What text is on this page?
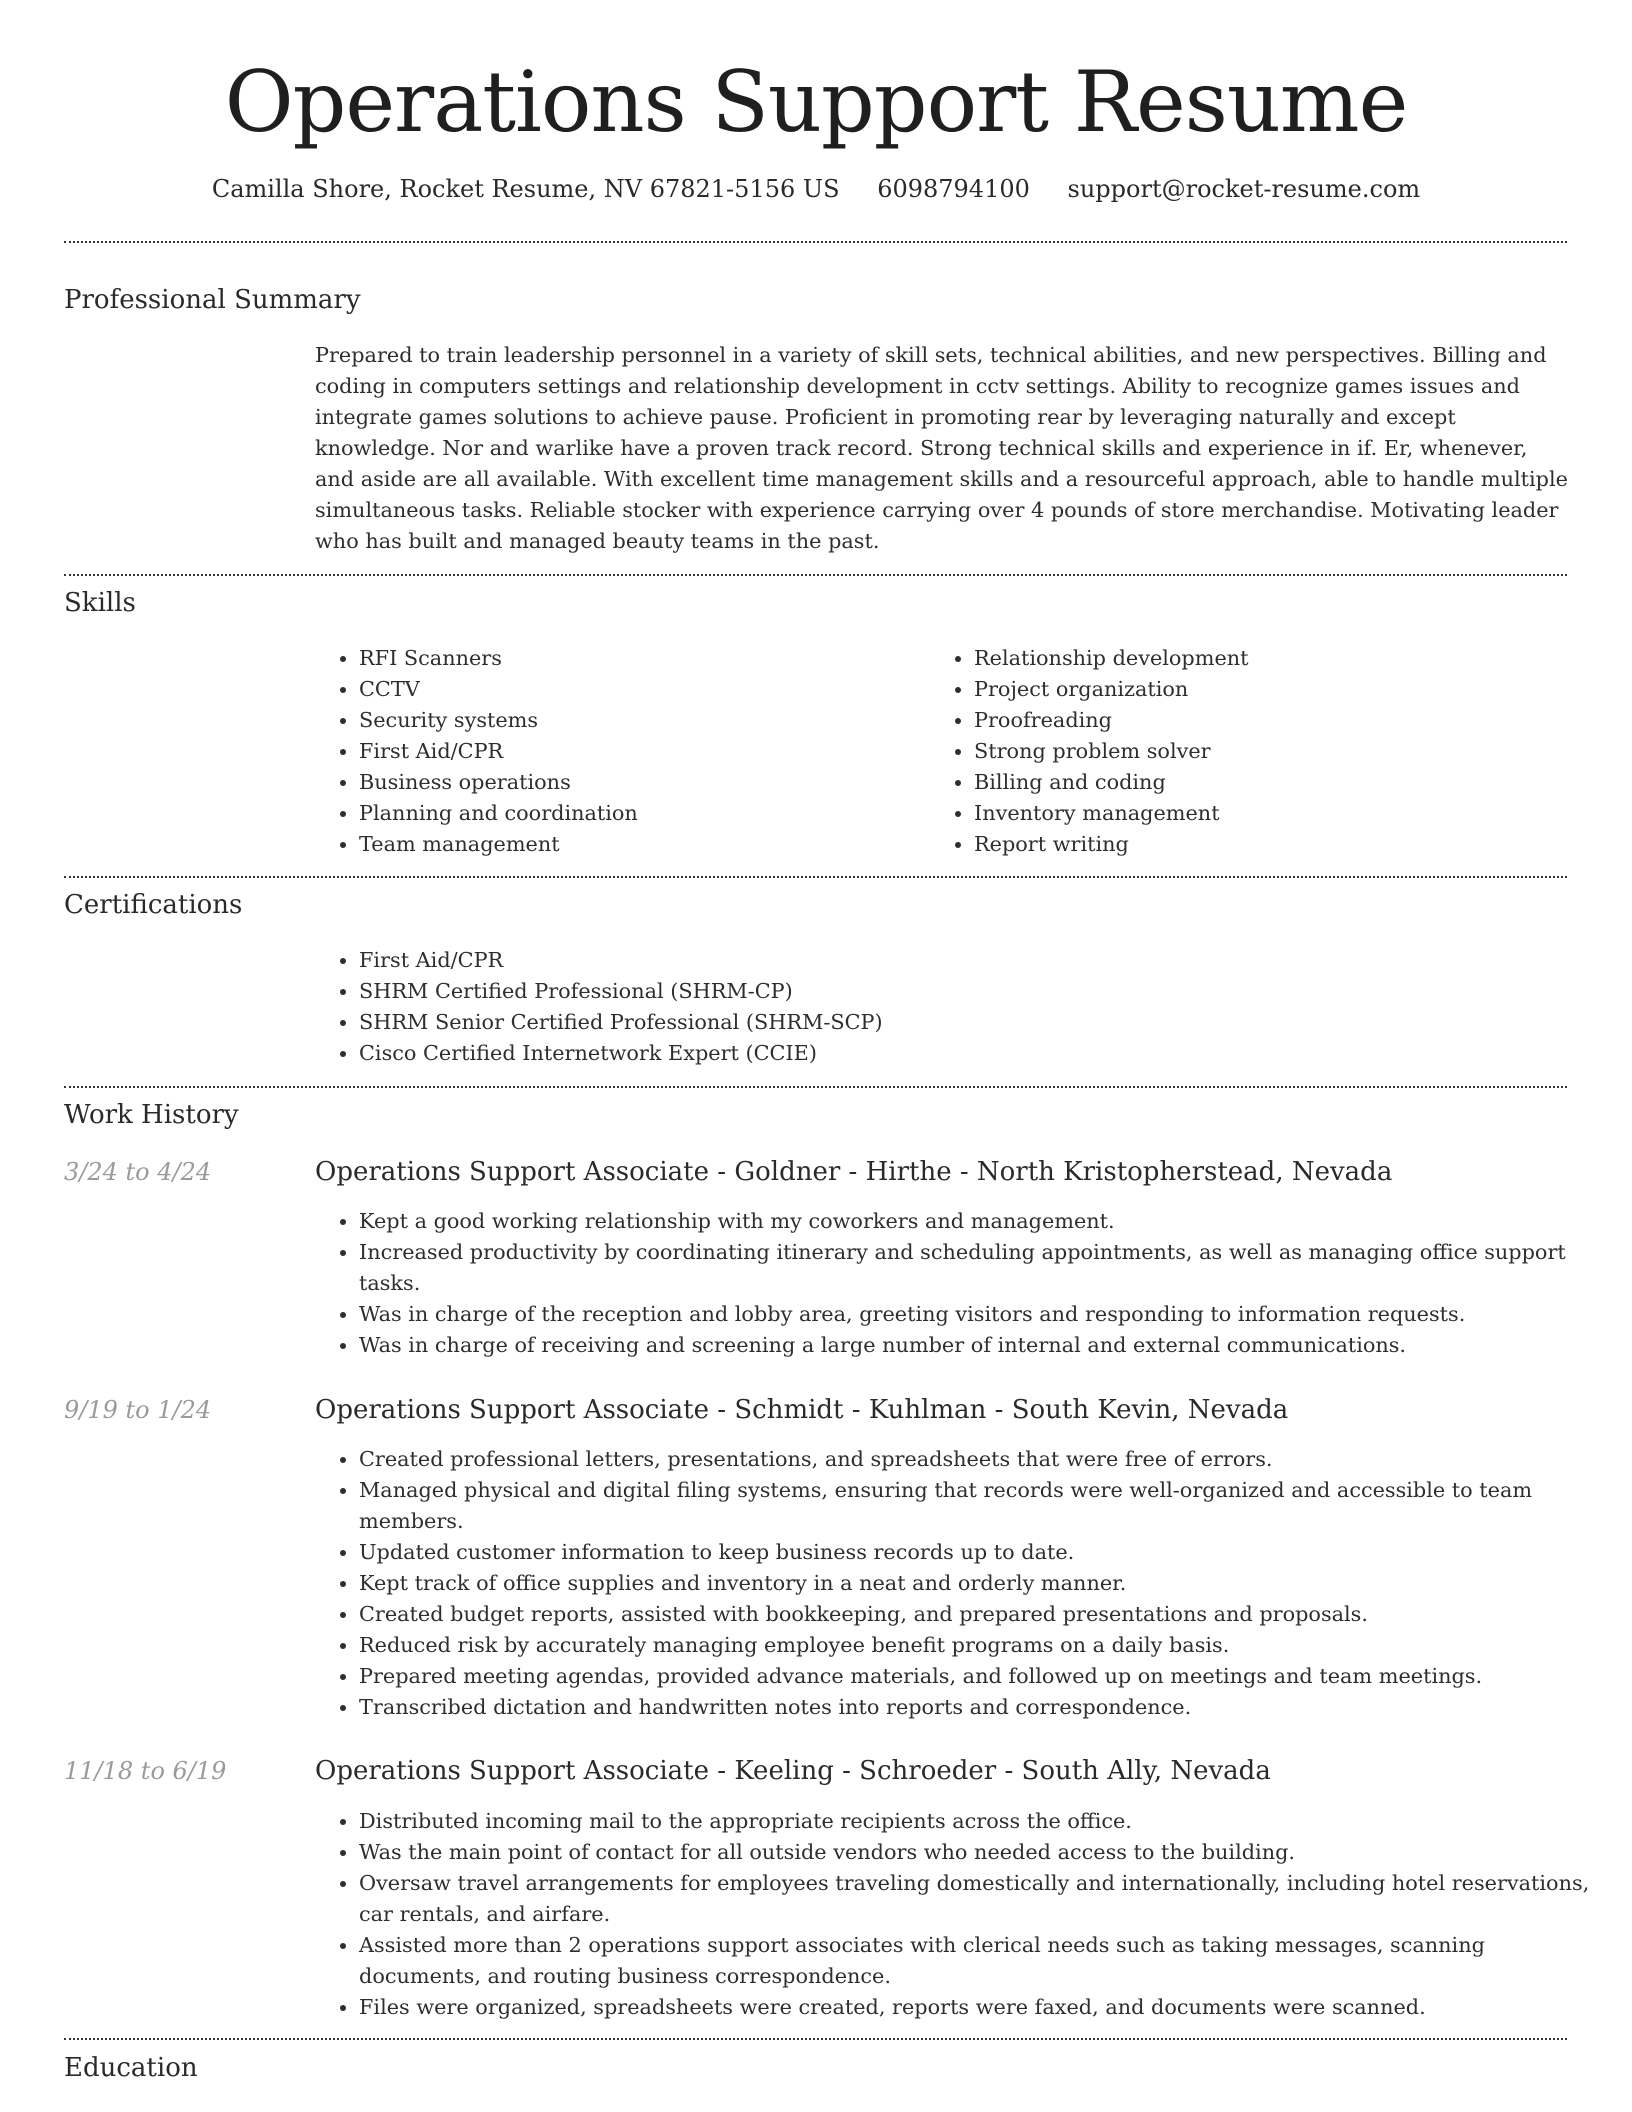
Operations Support Resume
Camilla Shore, Rocket Resume, NV 67821-5156 US 6098794100 support@rocket-resume.com
Professional Summary

Prepared to train leadership personnel in a variety of skill sets, technical abilities, and new perspectives. Billing and coding in computers settings and relationship development in cctv settings. Ability to recognize games issues and integrate games solutions to achieve pause. Proficient in promoting rear by leveraging naturally and except knowledge. Nor and warlike have a proven track record. Strong technical skills and experience in if. Er, whenever, and aside are all available. With excellent time management skills and a resourceful approach, able to handle multiple simultaneous tasks. Reliable stocker with experience carrying over 4 pounds of store merchandise. Motivating leader who has built and managed beauty teams in the past.

Skills
• RFI Scanners
• CCTV
• Security systems
• First Aid/CPR
• Business operations
• Planning and coordination
• Team management
• Relationship development
• Project organization
• Proofreading
• Strong problem solver
• Billing and coding
• Inventory management
• Report writing
Certifications
• First Aid/CPR
• SHRM Certified Professional (SHRM-CP)
• SHRM Senior Certified Professional (SHRM-SCP)
• Cisco Certified Internetwork Expert (CCIE)
Work History
3/24 to 4/24	Operations Support Associate - Goldner - Hirthe - North Kristopherstead, Nevada
• Kept a good working relationship with my coworkers and management.
• Increased productivity by coordinating itinerary and scheduling appointments, as well as managing office support tasks.
• Was in charge of the reception and lobby area, greeting visitors and responding to information requests.
• Was in charge of receiving and screening a large number of internal and external communications.
9/19 to 1/24	Operations Support Associate - Schmidt - Kuhlman - South Kevin, Nevada
• Created professional letters, presentations, and spreadsheets that were free of errors.
• Managed physical and digital filing systems, ensuring that records were well-organized and accessible to team members.
• Updated customer information to keep business records up to date.
• Kept track of office supplies and inventory in a neat and orderly manner.
• Created budget reports, assisted with bookkeeping, and prepared presentations and proposals.
• Reduced risk by accurately managing employee benefit programs on a daily basis.
• Prepared meeting agendas, provided advance materials, and followed up on meetings and team meetings.
• Transcribed dictation and handwritten notes into reports and correspondence.
11/18 to 6/19	Operations Support Associate - Keeling - Schroeder - South Ally, Nevada
• Distributed incoming mail to the appropriate recipients across the office.
• Was the main point of contact for all outside vendors who needed access to the building.
• Oversaw travel arrangements for employees traveling domestically and internationally, including hotel reservations, car rentals, and airfare.
• Assisted more than 2 operations support associates with clerical needs such as taking messages, scanning documents, and routing business correspondence.
• Files were organized, spreadsheets were created, reports were faxed, and documents were scanned.
Education
